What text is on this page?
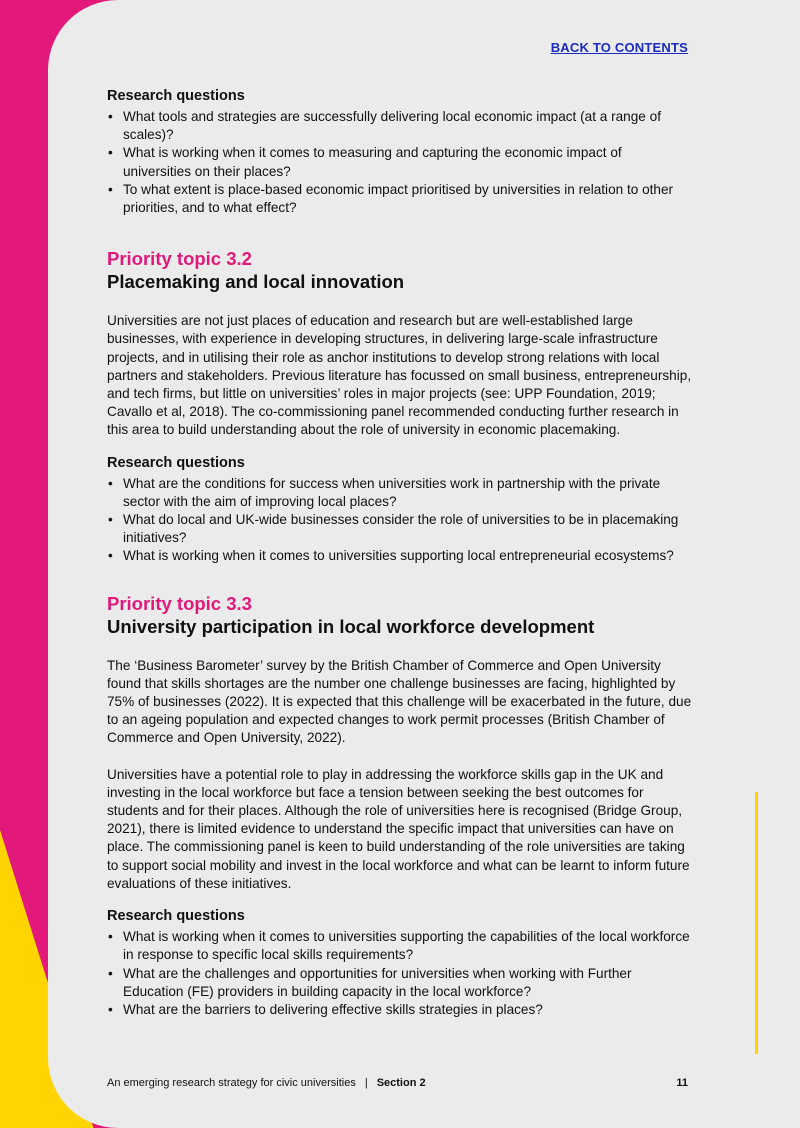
BACK TO CONTENTS
Research questions
• What tools and strategies are successfully delivering local economic impact (at a range of scales)?
• What is working when it comes to measuring and capturing the economic impact of universities on their places?
• To what extent is place-based economic impact prioritised by universities in relation to other priorities, and to what effect?
Priority topic 3.2
Placemaking and local innovation

Universities are not just places of education and research but are well-established large businesses, with experience in developing structures, in delivering large-scale infrastructure projects, and in utilising their role as anchor institutions to develop strong relations with local partners and stakeholders. Previous literature has focussed on small business, entrepreneurship, and tech firms, but little on universities’ roles in major projects (see: UPP Foundation, 2019; Cavallo et al, 2018). The co-commissioning panel recommended conducting further research in this area to build understanding about the role of university in economic placemaking.

Research questions
• What are the conditions for success when universities work in partnership with the private sector with the aim of improving local places?
• What do local and UK-wide businesses consider the role of universities to be in placemaking initiatives?
• What is working when it comes to universities supporting local entrepreneurial ecosystems?
Priority topic 3.3
University participation in local workforce development

The ‘Business Barometer’ survey by the British Chamber of Commerce and Open University found that skills shortages are the number one challenge businesses are facing, highlighted by 75% of businesses (2022). It is expected that this challenge will be exacerbated in the future, due to an ageing population and expected changes to work permit processes (British Chamber of Commerce and Open University, 2022).

Universities have a potential role to play in addressing the workforce skills gap in the UK and investing in the local workforce but face a tension between seeking the best outcomes for students and for their places. Although the role of universities here is recognised (Bridge Group, 2021), there is limited evidence to understand the specific impact that universities can have on place. The commissioning panel is keen to build understanding of the role universities are taking to support social mobility and invest in the local workforce and what can be learnt to inform future evaluations of these initiatives.

Research questions
• What is working when it comes to universities supporting the capabilities of the local workforce in response to specific local skills requirements?
• What are the challenges and opportunities for universities when working with Further Education (FE) providers in building capacity in the local workforce?
• What are the barriers to delivering effective skills strategies in places?
An emerging research strategy for civic universities | Section 2	11
